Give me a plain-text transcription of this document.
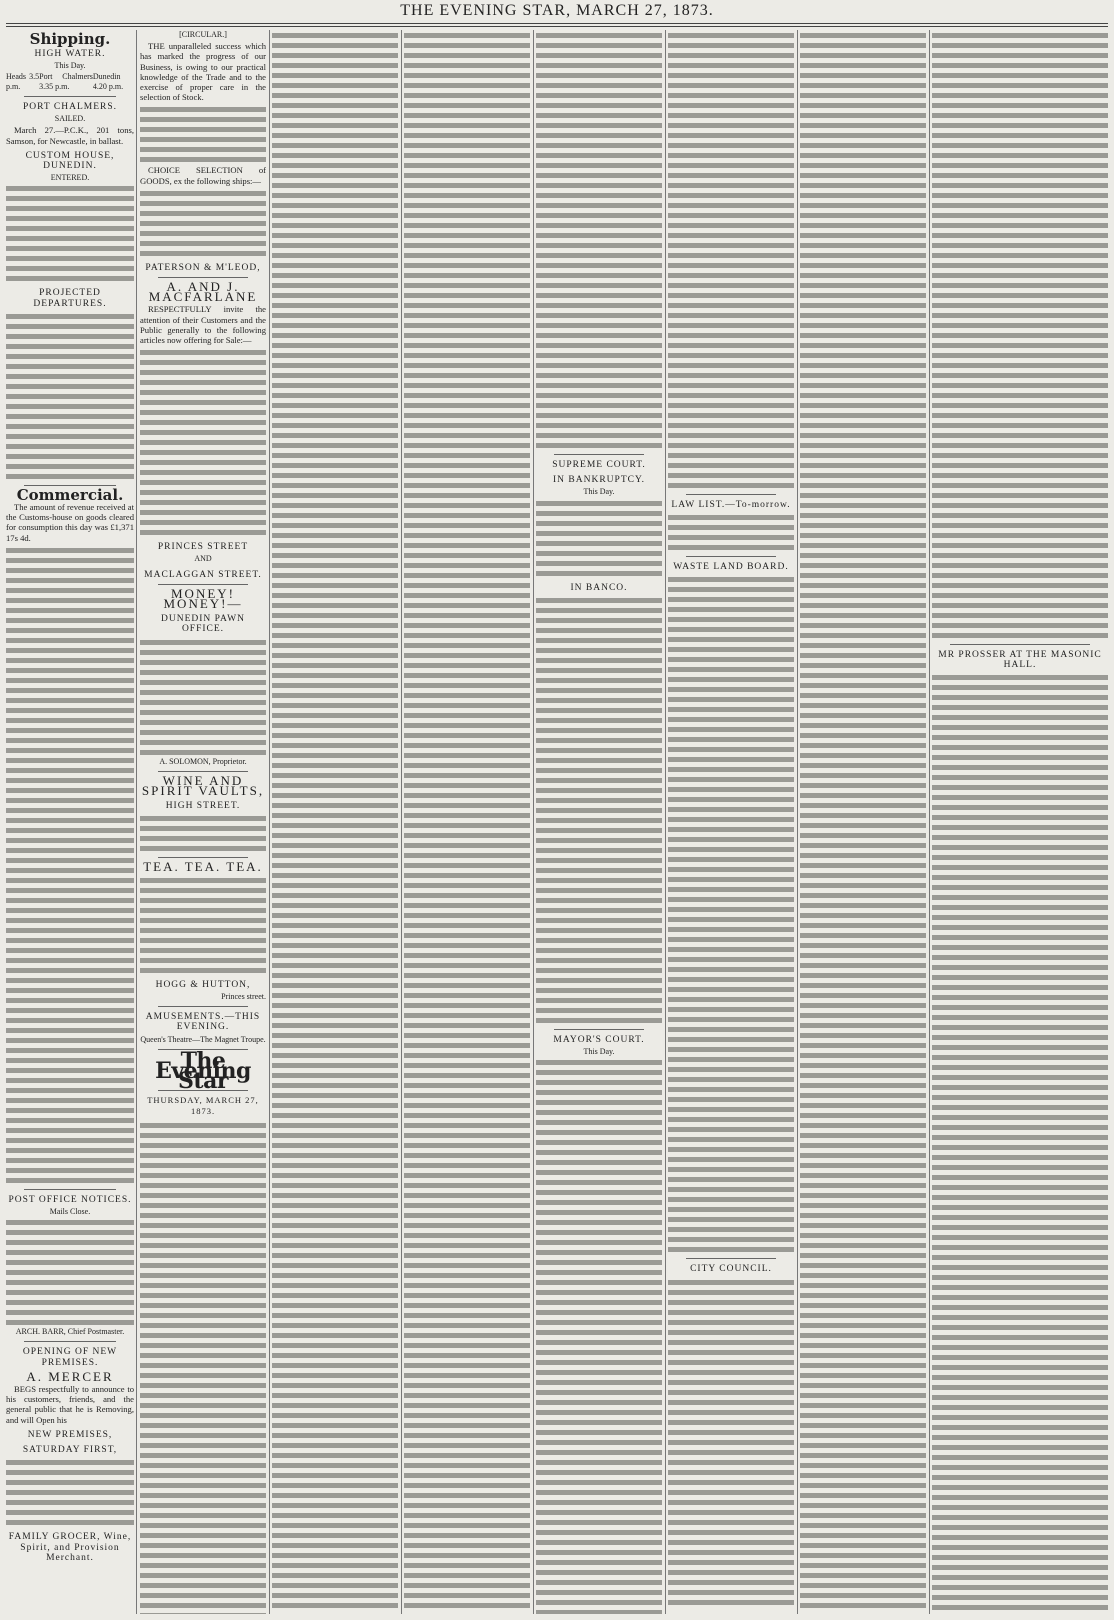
THE EVENING STAR, MARCH 27, 1873.
Shipping.
HIGH WATER.
This Day.
Heads 3.5 p.m.
Port Chalmers 3.35 p.m.
Dunedin 4.20 p.m.
PORT CHALMERS.
SAILED.
March 27.—P.C.K., 201 tons, Samson, for Newcastle, in ballast.
CUSTOM HOUSE, DUNEDIN.
ENTERED.
PROJECTED DEPARTURES.
Commercial.
The amount of revenue received at the Customs-house on goods cleared for consumption this day was £1,371 17s 4d.
POST OFFICE NOTICES.
Mails Close.
ARCH. BARR, Chief Postmaster.
OPENING OF NEW PREMISES.
A. MERCER
BEGS respectfully to announce to his customers, friends, and the general public that he is Removing, and will Open his
NEW PREMISES,
SATURDAY FIRST,
FAMILY GROCER, Wine, Spirit, and Provision Merchant.
[CIRCULAR.]
THE unparalleled success which has marked the progress of our Business, is owing to our practical knowledge of the Trade and to the exercise of proper care in the selection of Stock.
CHOICE SELECTION of GOODS, ex the following ships:—
PATERSON & M'LEOD,
A. AND J. MACFARLANE
RESPECTFULLY invite the attention of their Customers and the Public generally to the following articles now offering for Sale:—
PRINCES STREET
AND
MACLAGGAN STREET.
MONEY! MONEY!—
DUNEDIN PAWN OFFICE.
A. SOLOMON, Proprietor.
WINE AND SPIRIT VAULTS,
HIGH STREET.
TEA. TEA. TEA.
HOGG & HUTTON,
Princes street.
AMUSEMENTS.—THIS EVENING.
Queen's Theatre—The Magnet Troupe.
The Evening Star
THURSDAY, MARCH 27, 1873.
SUPREME COURT.
IN BANKRUPTCY.
This Day.
IN BANCO.
MAYOR'S COURT.
This Day.
LAW LIST.—To-morrow.
WASTE LAND BOARD.
CITY COUNCIL.
MR PROSSER AT THE MASONIC HALL.
